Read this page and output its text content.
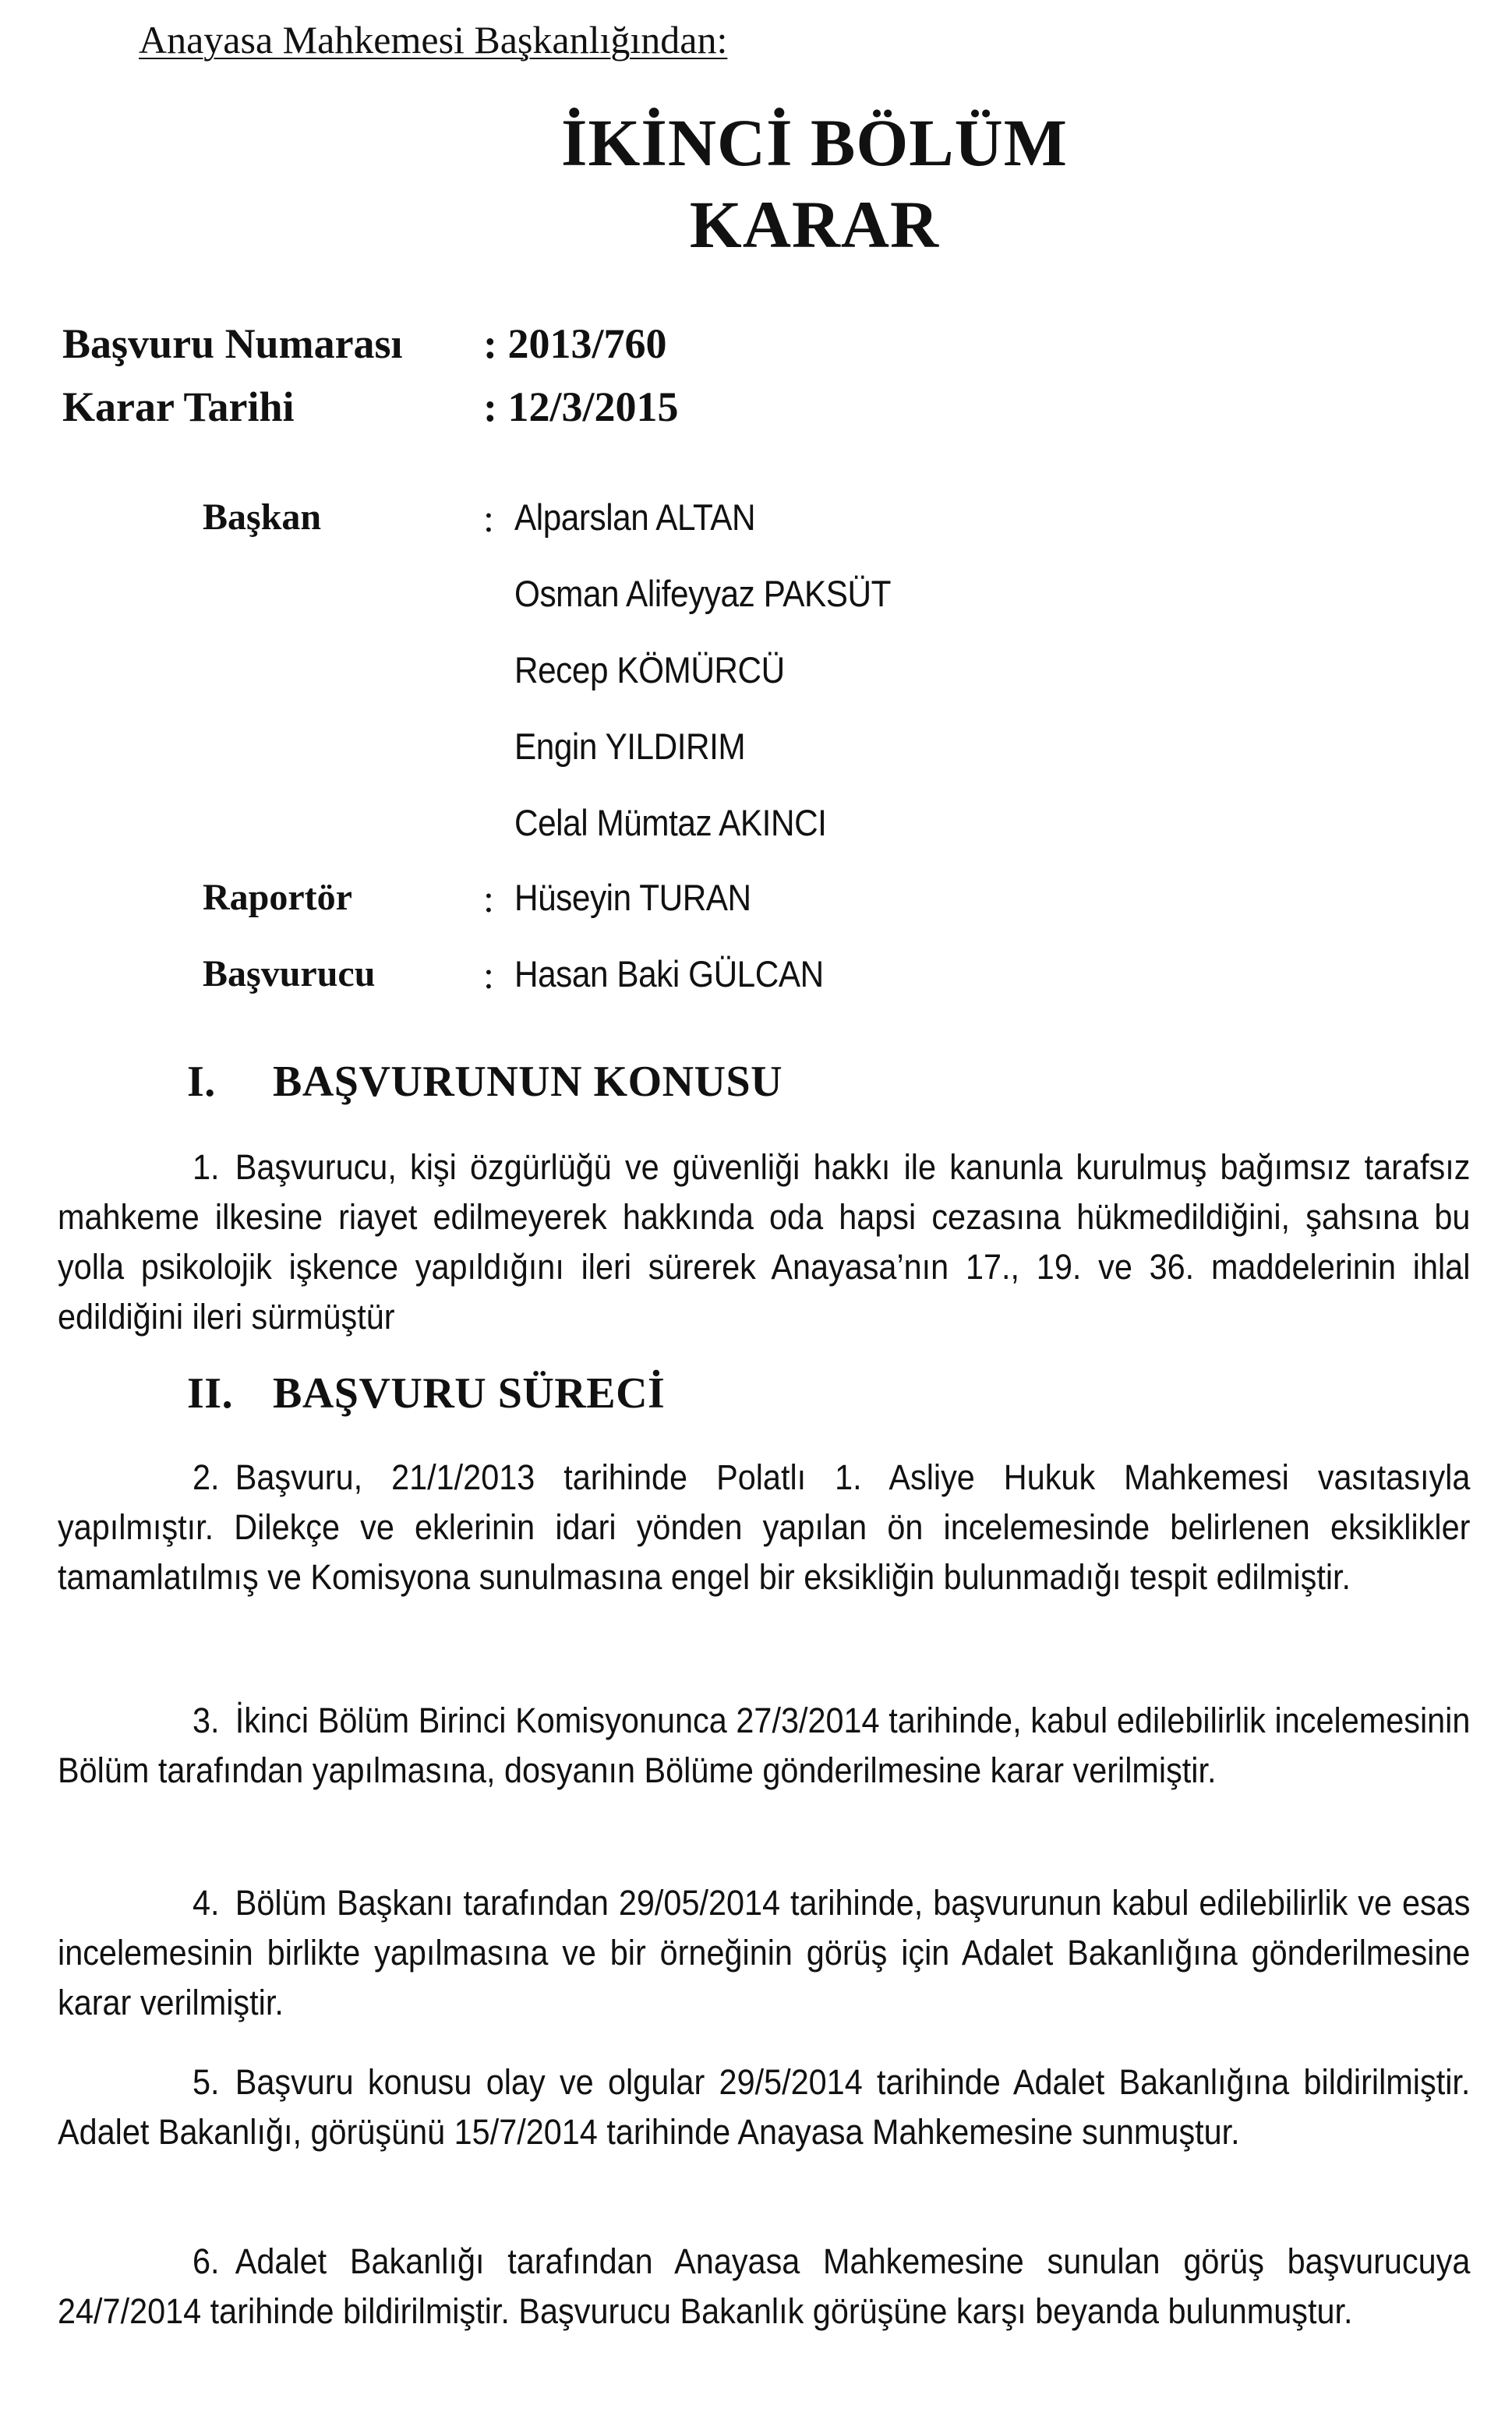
Anayasa Mahkemesi Başkanlığından:
İKİNCİ BÖLÜM
KARAR
Başvuru Numarası	: 2013/760
Karar Tarihi	: 12/3/2015
Başkan	: Alparslan ALTAN
Osman Alifeyyaz PAKSÜT
Recep KÖMÜRCÜ
Engin YILDIRIM
Celal Mümtaz AKINCI
Raportör	: Hüseyin TURAN
Başvurucu	: Hasan Baki GÜLCAN
I. BAŞVURUNUN KONUSU
1. Başvurucu, kişi özgürlüğü ve güvenliği hakkı ile kanunla kurulmuş bağımsız tarafsız mahkeme ilkesine riayet edilmeyerek hakkında oda hapsi cezasına hükmedildiğini, şahsına bu yolla psikolojik işkence yapıldığını ileri sürerek Anayasa’nın 17., 19. ve 36. maddelerinin ihlal edildiğini ileri sürmüştür
II. BAŞVURU SÜRECİ
2. Başvuru, 21/1/2013 tarihinde Polatlı 1. Asliye Hukuk Mahkemesi vasıtasıyla yapılmıştır. Dilekçe ve eklerinin idari yönden yapılan ön incelemesinde belirlenen eksiklikler tamamlatılmış ve Komisyona sunulmasına engel bir eksikliğin bulunmadığı tespit edilmiştir.
3. İkinci Bölüm Birinci Komisyonunca 27/3/2014 tarihinde, kabul edilebilirlik incelemesinin Bölüm tarafından yapılmasına, dosyanın Bölüme gönderilmesine karar verilmiştir.
4. Bölüm Başkanı tarafından 29/05/2014 tarihinde, başvurunun kabul edilebilirlik ve esas incelemesinin birlikte yapılmasına ve bir örneğinin görüş için Adalet Bakanlığına gönderilmesine karar verilmiştir.
5. Başvuru konusu olay ve olgular 29/5/2014 tarihinde Adalet Bakanlığına bildirilmiştir. Adalet Bakanlığı, görüşünü 15/7/2014 tarihinde Anayasa Mahkemesine sunmuştur.
6. Adalet Bakanlığı tarafından Anayasa Mahkemesine sunulan görüş başvurucuya 24/7/2014 tarihinde bildirilmiştir. Başvurucu Bakanlık görüşüne karşı beyanda bulunmuştur.
